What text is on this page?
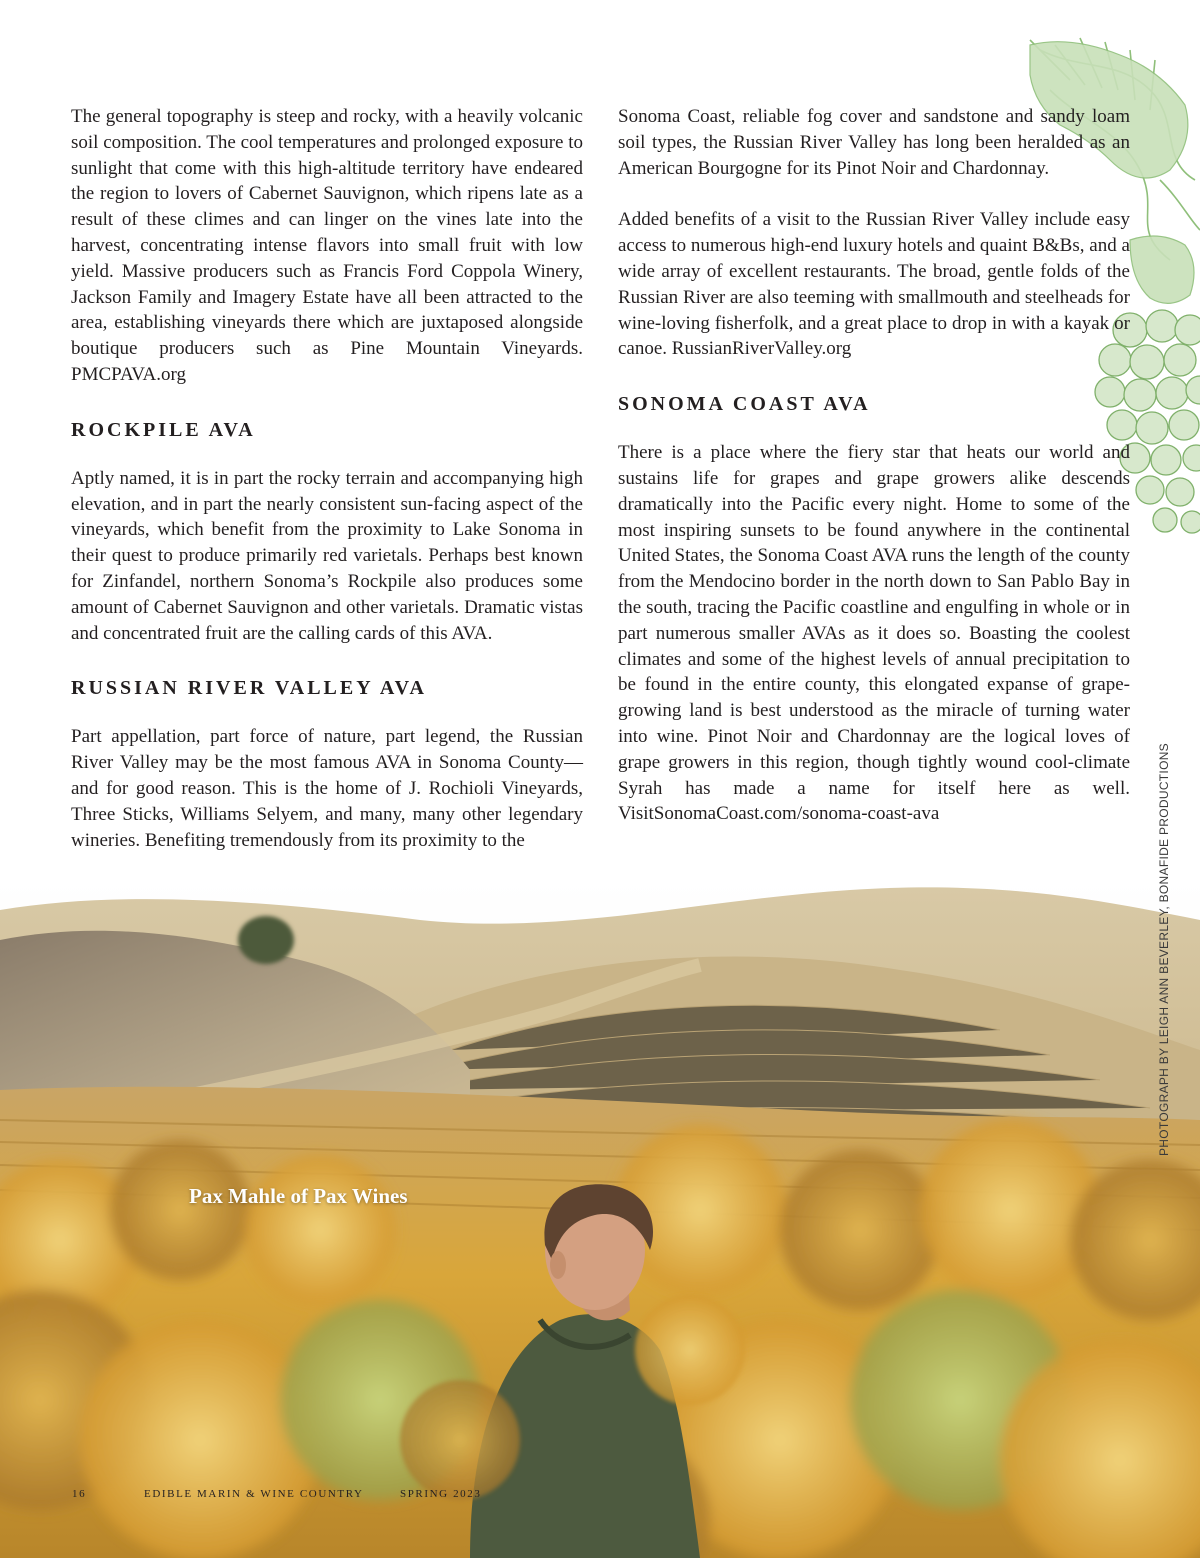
The general topography is steep and rocky, with a heavily volcanic soil composition. The cool temperatures and prolonged exposure to sunlight that come with this high-altitude territory have endeared the region to lovers of Cabernet Sauvignon, which ripens late as a result of these climes and can linger on the vines late into the harvest, concentrating intense flavors into small fruit with low yield. Massive producers such as Francis Ford Coppola Winery, Jackson Family and Imagery Estate have all been attracted to the area, establishing vineyards there which are juxtaposed alongside boutique producers such as Pine Mountain Vineyards. PMCPAVA.org

ROCKPILE AVA

Aptly named, it is in part the rocky terrain and accompanying high elevation, and in part the nearly consistent sun-facing aspect of the vineyards, which benefit from the proximity to Lake Sonoma in their quest to produce primarily red varietals. Perhaps best known for Zinfandel, northern Sonoma’s Rockpile also produces some amount of Cabernet Sauvignon and other varietals. Dramatic vistas and concentrated fruit are the calling cards of this AVA.

RUSSIAN RIVER VALLEY AVA

Part appellation, part force of nature, part legend, the Russian River Valley may be the most famous AVA in Sonoma County—and for good reason. This is the home of J. Rochioli Vineyards, Three Sticks, Williams Selyem, and many, many other legendary wineries. Benefiting tremendously from its proximity to the

Sonoma Coast, reliable fog cover and sandstone and sandy loam soil types, the Russian River Valley has long been heralded as an American Bourgogne for its Pinot Noir and Chardonnay.

Added benefits of a visit to the Russian River Valley include easy access to numerous high-end luxury hotels and quaint B&Bs, and a wide array of excellent restaurants. The broad, gentle folds of the Russian River are also teeming with smallmouth and steelheads for wine-loving fisherfolk, and a great place to drop in with a kayak or canoe. RussianRiverValley.org

SONOMA COAST AVA

There is a place where the fiery star that heats our world and sustains life for grapes and grape growers alike descends dramatically into the Pacific every night. Home to some of the most inspiring sunsets to be found anywhere in the continental United States, the Sonoma Coast AVA runs the length of the county from the Mendocino border in the north down to San Pablo Bay in the south, tracing the Pacific coastline and engulfing in whole or in part numerous smaller AVAs as it does so. Boasting the coolest climates and some of the highest levels of annual precipitation to be found in the entire county, this elongated expanse of grape-growing land is best understood as the miracle of turning water into wine. Pinot Noir and Chardonnay are the logical loves of grape growers in this region, though tightly wound cool-climate Syrah has made a name for itself here as well. VisitSonomaCoast.com/sonoma-coast-ava

Pax Mahle of Pax Wines
PHOTOGRAPH BY LEIGH ANN BEVERLEY, BONAFIDE PRODUCTIONS
16	EDIBLE MARIN & WINE COUNTRY	SPRING 2023
